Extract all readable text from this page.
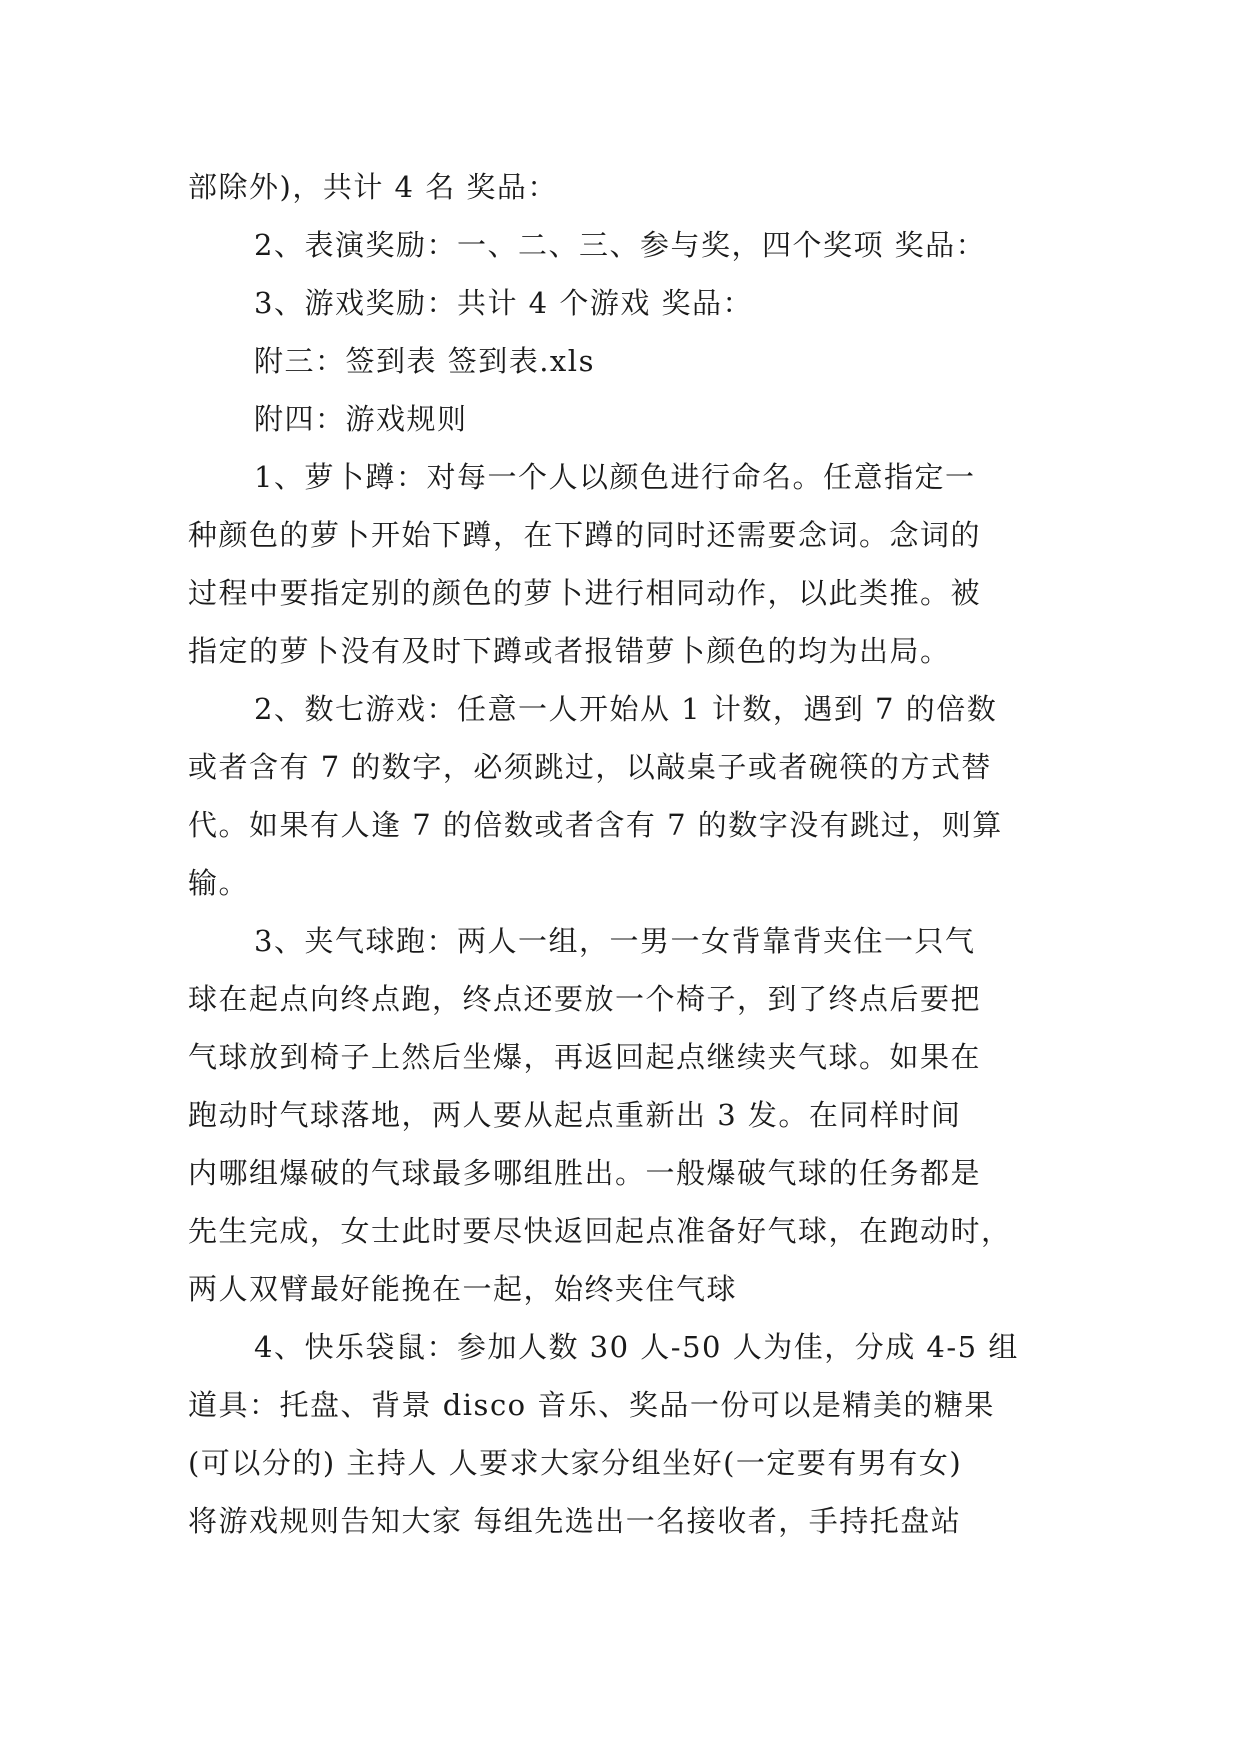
部除外)，共计 4 名 奖品：
2、表演奖励：一、二、三、参与奖，四个奖项 奖品：
3、游戏奖励：共计 4 个游戏 奖品：
附三：签到表 签到表.xls
附四：游戏规则
1、萝卜蹲：对每一个人以颜色进行命名。任意指定一
种颜色的萝卜开始下蹲，在下蹲的同时还需要念词。念词的
过程中要指定别的颜色的萝卜进行相同动作，以此类推。被
指定的萝卜没有及时下蹲或者报错萝卜颜色的均为出局。
2、数七游戏：任意一人开始从 1 计数，遇到 7 的倍数
或者含有 7 的数字，必须跳过，以敲桌子或者碗筷的方式替
代。如果有人逢 7 的倍数或者含有 7 的数字没有跳过，则算
输。
3、夹气球跑：两人一组，一男一女背靠背夹住一只气
球在起点向终点跑，终点还要放一个椅子，到了终点后要把
气球放到椅子上然后坐爆，再返回起点继续夹气球。如果在
跑动时气球落地，两人要从起点重新出 3 发。在同样时间
内哪组爆破的气球最多哪组胜出。一般爆破气球的任务都是
先生完成，女士此时要尽快返回起点准备好气球，在跑动时，
两人双臂最好能挽在一起，始终夹住气球
4、快乐袋鼠：参加人数 30 人-50 人为佳，分成 4-5 组
道具：托盘、背景 disco 音乐、奖品一份可以是精美的糖果
(可以分的) 主持人 人要求大家分组坐好(一定要有男有女)
将游戏规则告知大家 每组先选出一名接收者，手持托盘站
